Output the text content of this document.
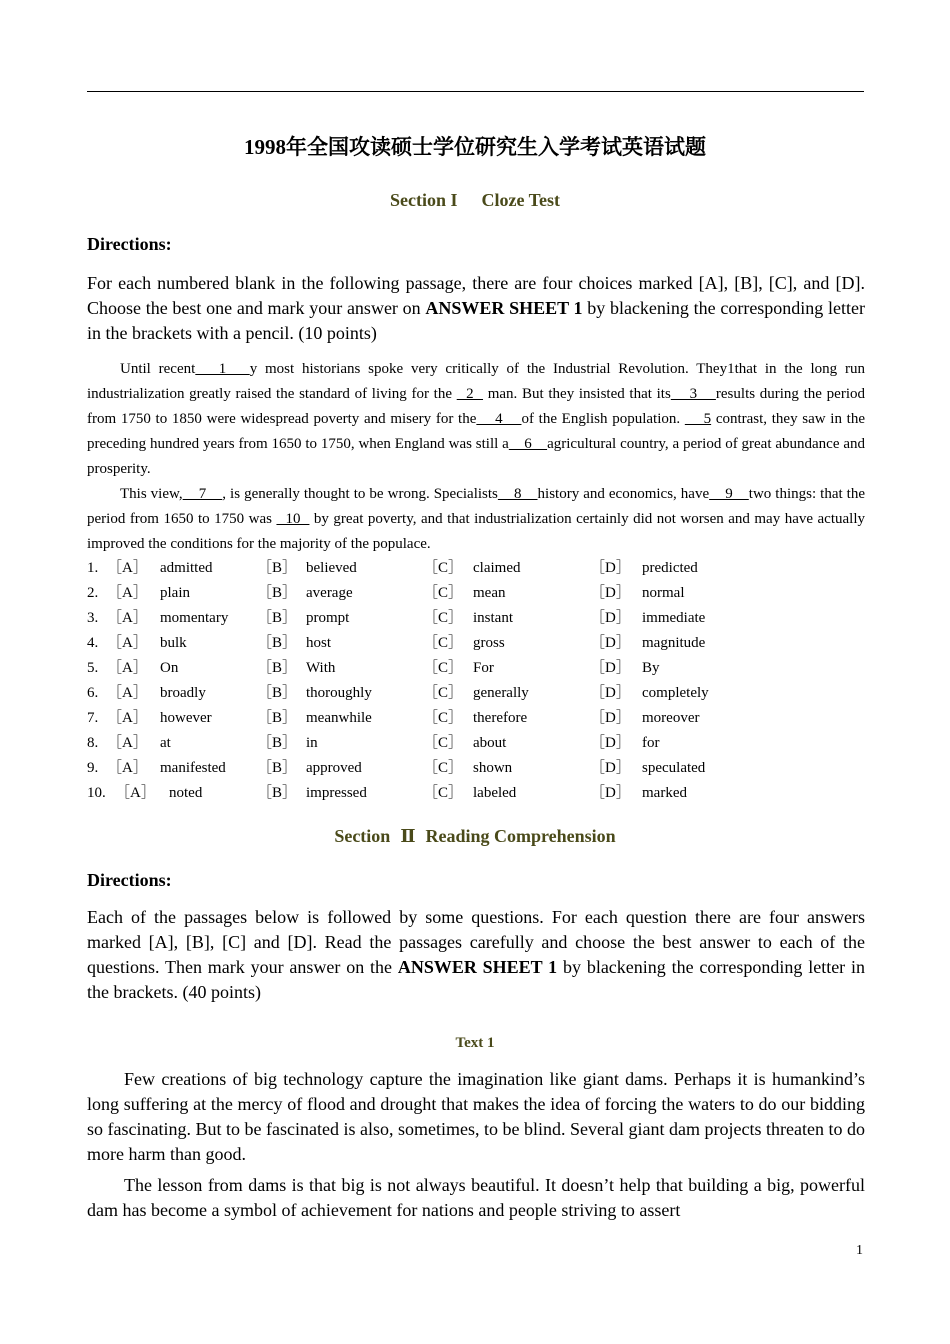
1998年全国攻读硕士学位研究生入学考试英语试题
Section I Cloze Test
Directions:
For each numbered blank in the following passage, there are four choices marked [A], [B], [C], and [D]. Choose the best one and mark your answer on ANSWER SHEET 1 by blackening the corresponding letter in the brackets with a pencil. (10 points)

Until recent   1   y most historians spoke very critically of the Industrial Revolution. They1that in the long run industrialization greatly raised the standard of living for the   2   man. But they insisted that its    3    results during the period from 1750 to 1850 were widespread poverty and misery for the    4    of the English population.     5 contrast, they saw in the preceding hundred years from 1650 to 1750, when England was still a    6    agricultural country, a period of great abundance and prosperity.

This view,    7    , is generally thought to be wrong. Specialists    8    history and economics, have    9    two things: that the period from 1650 to 1750 was   10   by great poverty, and that industrialization certainly did not worsen and may have actually improved the conditions for the majority of the populace.

1. ［A］ admitted	［B］ believed	［C］ claimed	［D］ predicted
2. ［A］ plain	［B］ average	［C］ mean	［D］ normal
3. ［A］ momentary ［B］ prompt	［C］ instant	［D］ immediate
4. ［A］ bulk	［B］ host	［C］ gross	［D］ magnitude
5. ［A］ On	［B］ With	［C］ For	［D］ By
6. ［A］ broadly	［B］ thoroughly	［C］ generally	［D］ completely
7. ［A］ however	［B］ meanwhile	［C］ therefore	［D］ moreover
8. ［A］ at	［B］ in	［C］ about	［D］ for
9. ［A］ manifested ［B］ approved	［C］ shown	［D］ speculated
10. ［A］ noted	［B］ impressed	［C］ labeled	［D］ marked
Section Ⅱ Reading Comprehension
Directions:
Each of the passages below is followed by some questions. For each question there are four answers marked [A], [B], [C] and [D]. Read the passages carefully and choose the best answer to each of the questions. Then mark your answer on the ANSWER SHEET 1 by blackening the corresponding letter in the brackets. (40 points)
Text 1

Few creations of big technology capture the imagination like giant dams. Perhaps it is humankind’s long suffering at the mercy of flood and drought that makes the idea of forcing the waters to do our bidding so fascinating. But to be fascinated is also, sometimes, to be blind. Several giant dam projects threaten to do more harm than good.

The lesson from dams is that big is not always beautiful. It doesn’t help that building a big, powerful dam has become a symbol of achievement for nations and people striving to assert

1
